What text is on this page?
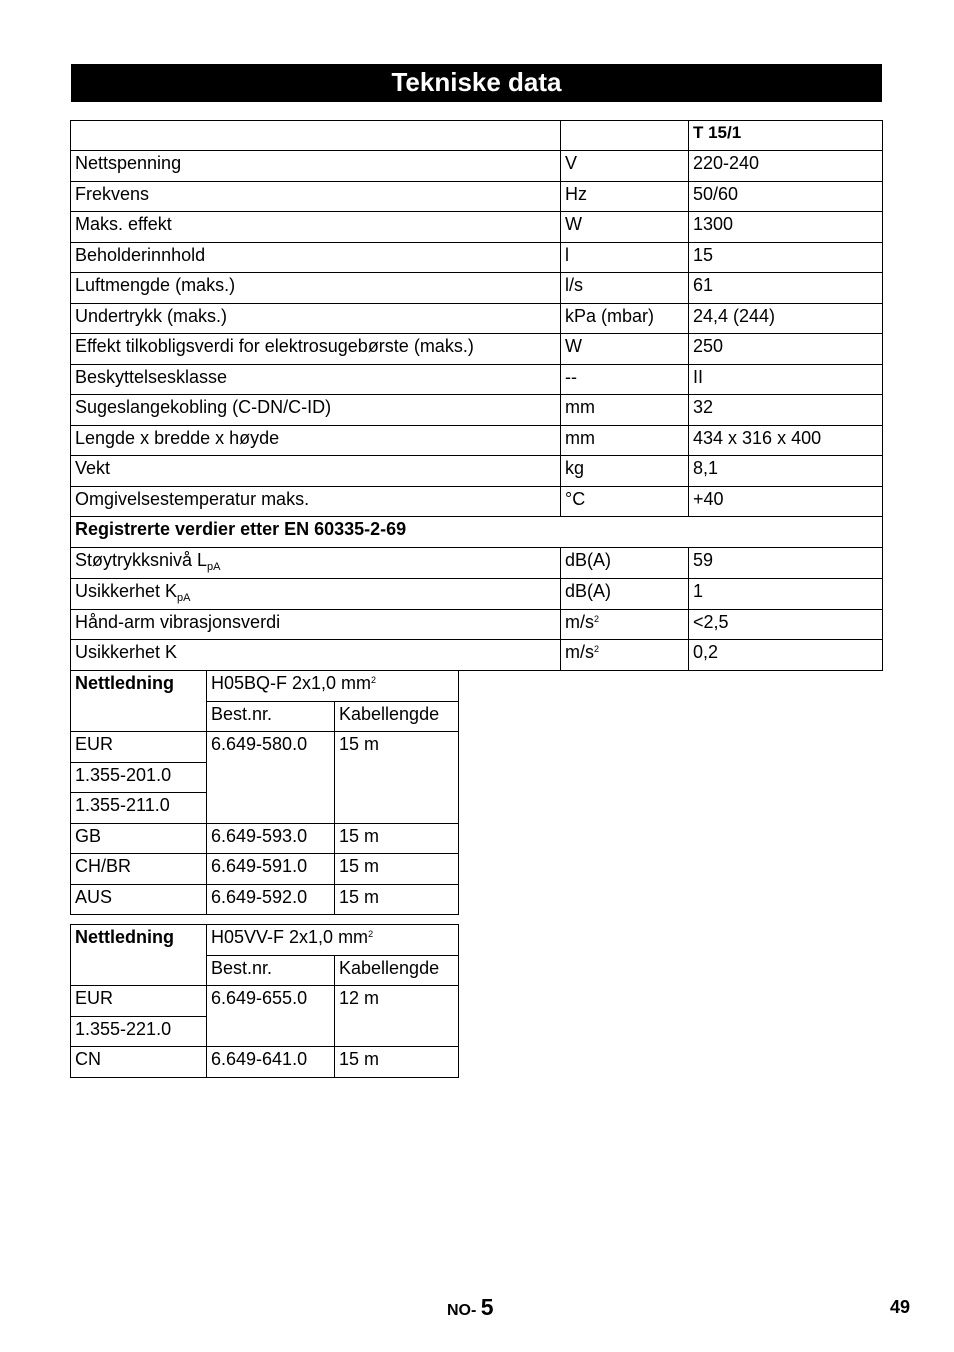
Tekniske data
		T 15/1
Nettspenning	V	220-240
Frekvens	Hz	50/60
Maks. effekt	W	1300
Beholderinnhold	l	15
Luftmengde (maks.)	l/s	61
Undertrykk (maks.)	kPa (mbar)	24,4 (244)
Effekt tilkobligsverdi for elektrosugebørste (maks.)	W	250
Beskyttelsesklasse	--	II
Sugeslangekobling (C-DN/C-ID)	mm	32
Lengde x bredde x høyde	mm	434 x 316 x 400
Vekt	kg	8,1
Omgivelsestemperatur maks.	°C	+40
Registrerte verdier etter EN 60335-2-69		
Støytrykksnivå $L_{pA}$	dB(A)	59
Usikkerhet $K_{pA}$	dB(A)	1
Hånd-arm vibrasjonsverdi	$m/s^2$	<2,5
Usikkerhet K	$m/s^2$	0,2
Nettledning	H05BQ-F 2x1,0 $mm^2$
	Best.nr.	Kabellengde
EUR	6.649-580.0	15 m
1.355-201.0		
1.355-211.0		
GB	6.649-593.0	15 m
CH/BR	6.649-591.0	15 m
AUS	6.649-592.0	15 m
Nettledning	H05VV-F 2x1,0 $mm^2$
	Best.nr.	Kabellengde
EUR	6.649-655.0	12 m
1.355-221.0		
CN	6.649-641.0	15 m
NO- 5	49
